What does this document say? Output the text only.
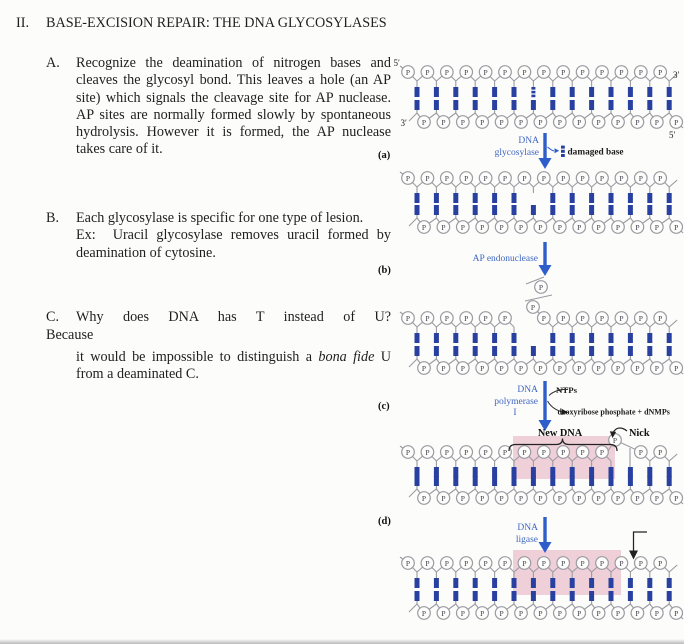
II. BASE-EXCISION REPAIR: THE DNA GLYCOSYLASES
A.	Recognize the deamination of nitrogen bases and cleaves the glycosyl bond. This leaves a hole (an AP site) which signals the cleavage site for AP nuclease. AP sites are normally formed slowly by spontaneous hydrolysis. However it is formed, the AP nuclease takes care of it.
B.	Each glycosylase is specific for one type of lesion.
Ex: Uracil glycosylase removes uracil formed by deamination of cytosine.
C.	Why does DNA has T instead of U?
Because
it would be impossible to distinguish a bona fide U from a deaminated C.
P
P
P
P
P
P
P
P
P
P
P
P
P
P
P
P
P
P
P
P
P
P
P
P
P
P
P
P
P
P
P
P
P
P
P
P
P
P
P
P
P
P
P
P
P
P
P
P
P
P
P
P
P
P
P
P
P
P
P
P
P
P
P
P
P
P
P
P P
P
P
P
P
P
P
P
P
P
P
P
P
P
P
P
P
P
P
P
P
P
P
P
P
P
P
P
P
P
P
P
P
P
P
P
P
P P
P
P
P
P
P
P
P
P
P
P
P
P
P
P
P
P
P
P
P
P
P
P
P
P
P
P
P
P
P
P
P
P
P
(a)
(b)
(c)
(d)
5′
3′
3′
5′
DNA
glycosylase	damaged base
AP endonuclease
P
DNA
polymerase
I
NTPs
deoxyribose phosphate + dNMPs
New DNA	Nick
DNA
ligase
